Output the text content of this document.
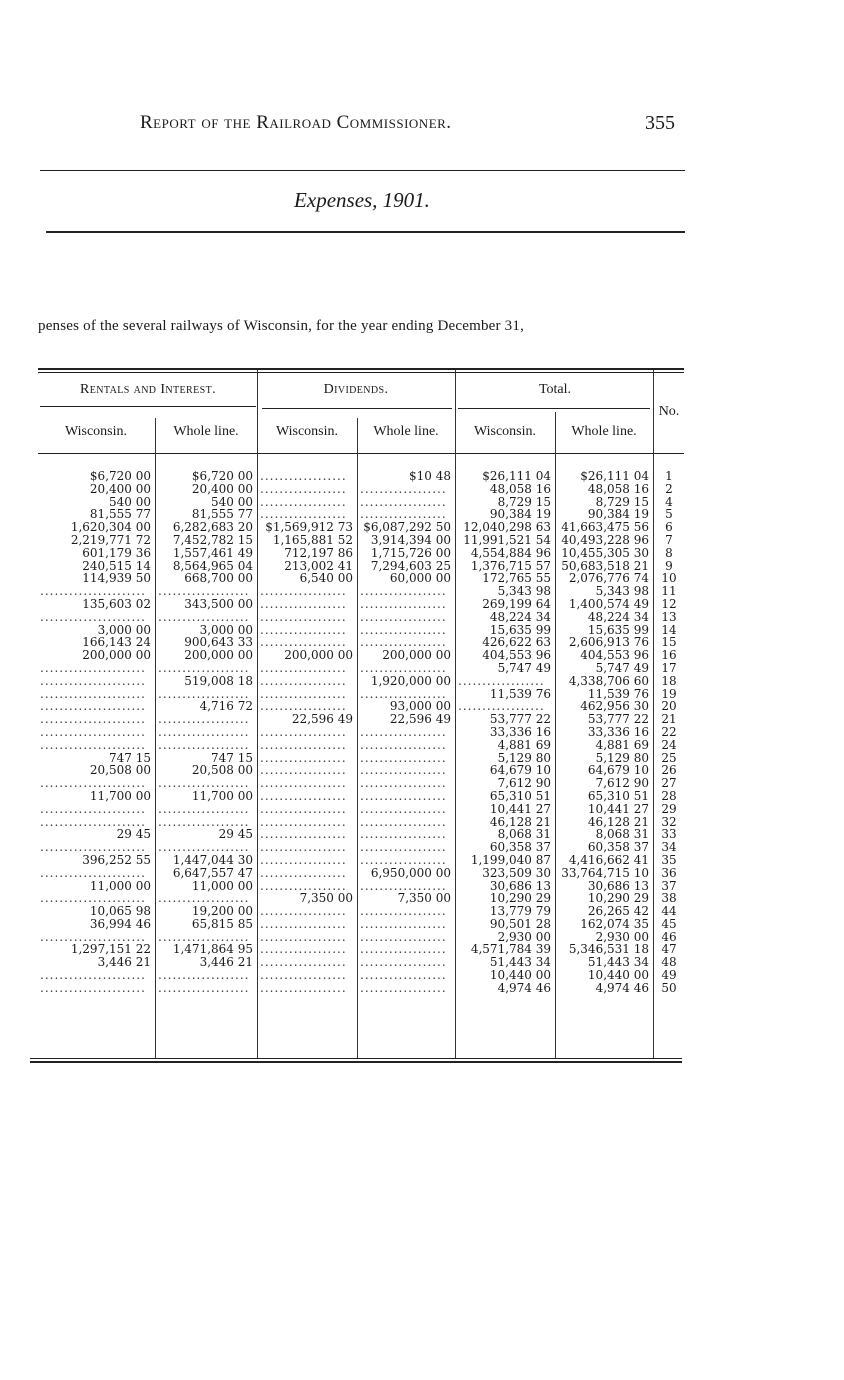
Report of the Railroad Commissioner.	355
Expenses, 1901.
penses of the several railways of Wisconsin, for the year ending December 31,
Rentals and Interest.	Dividends.	Total.
No.
Wisconsin.	Whole line.	Wisconsin.	Whole line.	Wisconsin.	Whole line.
$6,720 00	$6,720 00 ..................	$10 48	$26,111 04	$26,111 04	1
20,400 00	20,400 00 ..................	..................	48,058 16	48,058 16	2
540 00	540 00 ..................	..................	8,729 15	8,729 15	4
81,555 77	81,555 77 ..................	..................	90,384 19	90,384 19	5
1,620,304 00	6,282,683 20	$1,569,912 73 $6,087,292 50	12,040,298 63 41,663,475 56	6
2,219,771 72	7,452,782 15	1,165,881 52	3,914,394 00	11,991,521 54 40,493,228 96	7
601,179 36	1,557,461 49	712,197 86	1,715,726 00	4,554,884 96 10,455,305 30	8
240,515 14	8,564,965 04	213,002 41	7,294,603 25	1,376,715 57 50,683,518 21	9
114,939 50	668,700 00	6,540 00	60,000 00	172,765 55	2,076,776 74	10
......................	................... ..................	..................	5,343 98	5,343 98	11
135,603 02	343,500 00 ..................	..................	269,199 64	1,400,574 49	12
......................	................... ..................	..................	48,224 34	48,224 34	13
3,000 00	3,000 00 ..................	..................	15,635 99	15,635 99	14
166,143 24	900,643 33 ..................	..................	426,622 63	2,606,913 76	15
200,000 00	200,000 00	200,000 00	200,000 00	404,553 96	404,553 96	16
......................	................... ..................	..................	5,747 49	5,747 49	17
......................	519,008 18 ..................	1,920,000 00 ..................	4,338,706 60	18
......................	................... ..................	..................	11,539 76	11,539 76	19
......................	4,716 72 ..................	93,000 00 ..................	462,956 30	20
......................	...................	22,596 49	22,596 49	53,777 22	53,777 22	21
......................	................... ..................	..................	33,336 16	33,336 16	22
......................	................... ..................	..................	4,881 69	4,881 69	24
747 15	747 15 ..................	..................	5,129 80	5,129 80	25
20,508 00	20,508 00 ..................	..................	64,679 10	64,679 10	26
......................	................... ..................	..................	7,612 90	7,612 90	27
11,700 00	11,700 00 ..................	..................	65,310 51	65,310 51	28
......................	................... ..................	..................	10,441 27	10,441 27	29
......................	................... ..................	..................	46,128 21	46,128 21	32
29 45	29 45 ..................	..................	8,068 31	8,068 31	33
......................	................... ..................	..................	60,358 37	60,358 37	34
396,252 55	1,447,044 30 ..................	..................	1,199,040 87	4,416,662 41	35
......................	6,647,557 47 ..................	6,950,000 00	323,509 30 33,764,715 10	36
11,000 00	11,000 00 ..................	..................	30,686 13	30,686 13	37
......................	...................	7,350 00	7,350 00	10,290 29	10,290 29	38
10,065 98	19,200 00 ..................	..................	13,779 79	26,265 42	44
36,994 46	65,815 85 ..................	..................	90,501 28	162,074 35	45
......................	................... ..................	..................	2,930 00	2,930 00	46
1,297,151 22	1,471,864 95 ..................	..................	4,571,784 39	5,346,531 18	47
3,446 21	3,446 21 ..................	..................	51,443 34	51,443 34	48
......................	................... ..................	..................	10,440 00	10,440 00	49
......................	................... ..................	..................	4,974 46	4,974 46	50
